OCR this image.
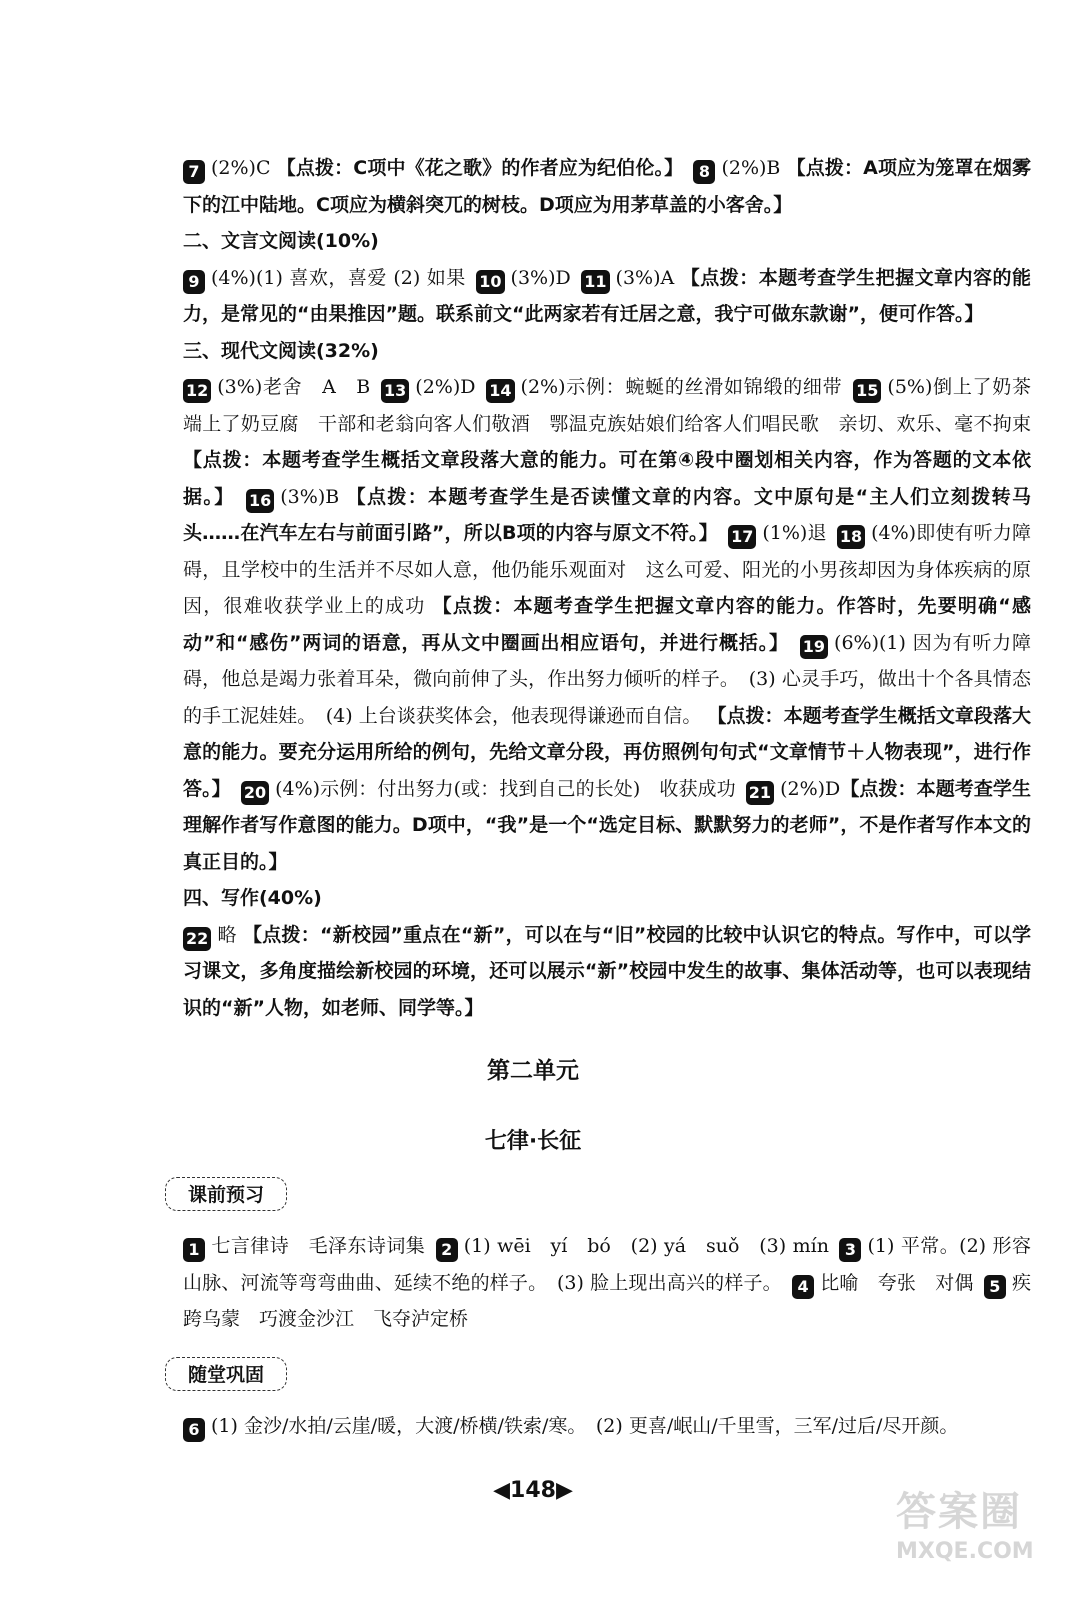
7 (2%)C 【点拨：C项中《花之歌》的作者应为纪伯伦。】 8 (2%)B 【点拨：A项应为笼罩在烟雾下的江中陆地。C项应为横斜突兀的树枝。D项应为用茅草盖的小客舍。】

二、文言文阅读(10%)

9 (4%)(1) 喜欢，喜爱 (2) 如果 10 (3%)D 11 (3%)A 【点拨：本题考查学生把握文章内容的能力，是常见的“由果推因”题。联系前文“此两家若有迁居之意，我宁可做东款谢”，便可作答。】

三、现代文阅读(32%)

12 (3%)老舍　A　B 13 (2%)D 14 (2%)示例：蜿蜒的丝滑如锦缎的细带 15 (5%)倒上了奶茶　端上了奶豆腐　干部和老翁向客人们敬酒　鄂温克族姑娘们给客人们唱民歌　亲切、欢乐、毫不拘束 【点拨：本题考查学生概括文章段落大意的能力。可在第④段中圈划相关内容，作为答题的文本依据。】 16 (3%)B 【点拨：本题考查学生是否读懂文章的内容。文中原句是“主人们立刻拨转马头……在汽车左右与前面引路”，所以B项的内容与原文不符。】 17 (1%)退 18 (4%)即使有听力障碍，且学校中的生活并不尽如人意，他仍能乐观面对　这么可爱、阳光的小男孩却因为身体疾病的原因，很难收获学业上的成功 【点拨：本题考查学生把握文章内容的能力。作答时，先要明确“感动”和“感伤”两词的语意，再从文中圈画出相应语句，并进行概括。】 19 (6%)(1) 因为有听力障碍，他总是竭力张着耳朵，微向前伸了头，作出努力倾听的样子。　(3) 心灵手巧，做出十个各具情态的手工泥娃娃。　(4) 上台谈获奖体会，他表现得谦逊而自信。 【点拨：本题考查学生概括文章段落大意的能力。要充分运用所给的例句，先给文章分段，再仿照例句句式“文章情节＋人物表现”，进行作答。】 20 (4%)示例：付出努力(或：找到自己的长处)　收获成功 21 (2%)D【点拨：本题考查学生理解作者写作意图的能力。D项中，“我”是一个“选定目标、默默努力的老师”，不是作者写作本文的真正目的。】

四、写作(40%)

22 略 【点拨：“新校园”重点在“新”，可以在与“旧”校园的比较中认识它的特点。写作中，可以学习课文，多角度描绘新校园的环境，还可以展示“新”校园中发生的故事、集体活动等，也可以表现结识的“新”人物，如老师、同学等。】

第二单元
七律·长征
课前预习

1 七言律诗　毛泽东诗词集 2 (1) wēi　yí　bó　(2) yá　suǒ　(3) mín 3 (1) 平常。(2) 形容山脉、河流等弯弯曲曲、延续不绝的样子。　(3) 脸上现出高兴的样子。 4 比喻　夸张　对偶 5 疾跨乌蒙　巧渡金沙江　飞夺泸定桥

随堂巩固

6 (1) 金沙/水拍/云崖/暖，大渡/桥横/铁索/寒。　(2) 更喜/岷山/千里雪，三军/过后/尽开颜。

◀148▶	答案圈
MXQE.COM
